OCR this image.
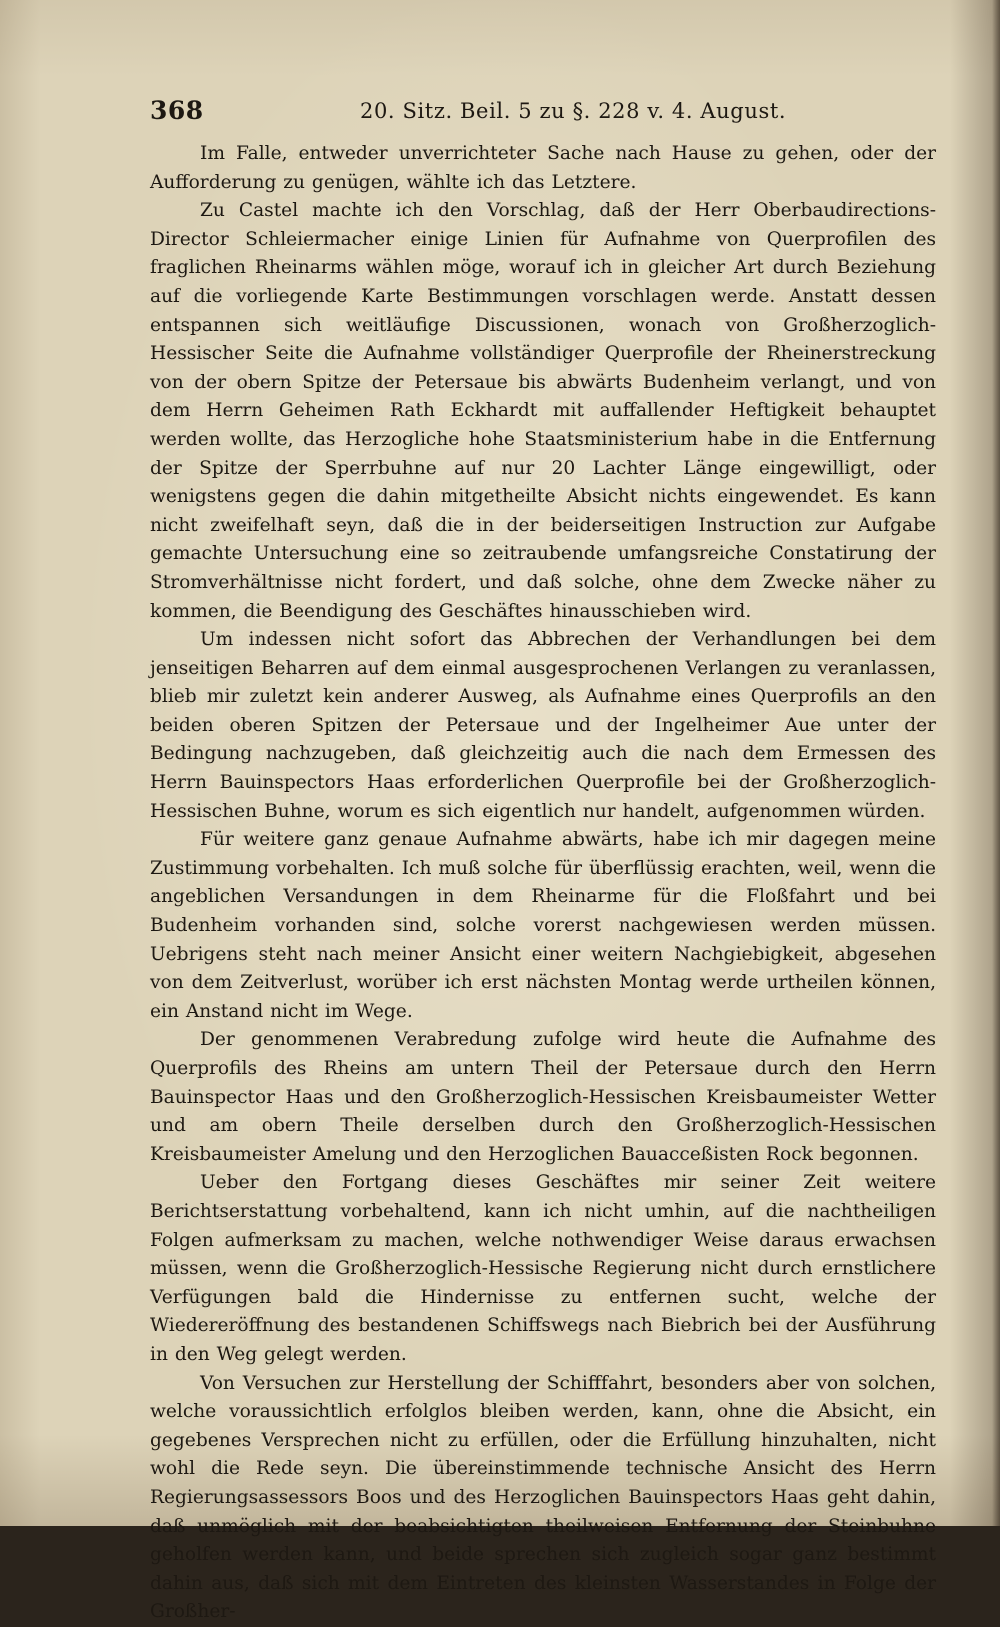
368	20. Sitz. Beil. 5 zu §. 228 v. 4. August.

Im Falle, entweder unverrichteter Sache nach Hause zu gehen, oder der Aufforderung zu genügen, wählte ich das Letztere.

Zu Castel machte ich den Vorschlag, daß der Herr Oberbaudirections-Director Schleiermacher einige Linien für Aufnahme von Querprofilen des fraglichen Rheinarms wählen möge, worauf ich in gleicher Art durch Beziehung auf die vorliegende Karte Bestimmungen vorschlagen werde. Anstatt dessen entspannen sich weitläufige Discussionen, wonach von Großherzoglich-Hessischer Seite die Aufnahme vollständiger Querprofile der Rheinerstreckung von der obern Spitze der Petersaue bis abwärts Budenheim verlangt, und von dem Herrn Geheimen Rath Eckhardt mit auffallender Heftigkeit behauptet werden wollte, das Herzogliche hohe Staatsministerium habe in die Entfernung der Spitze der Sperrbuhne auf nur 20 Lachter Länge eingewilligt, oder wenigstens gegen die dahin mitgetheilte Absicht nichts eingewendet. Es kann nicht zweifelhaft seyn, daß die in der beiderseitigen Instruction zur Aufgabe gemachte Untersuchung eine so zeitraubende umfangsreiche Constatirung der Stromverhältnisse nicht fordert, und daß solche, ohne dem Zwecke näher zu kommen, die Beendigung des Geschäftes hinausschieben wird.

Um indessen nicht sofort das Abbrechen der Verhandlungen bei dem jenseitigen Beharren auf dem einmal ausgesprochenen Verlangen zu veranlassen, blieb mir zuletzt kein anderer Ausweg, als Aufnahme eines Querprofils an den beiden oberen Spitzen der Petersaue und der Ingelheimer Aue unter der Bedingung nachzugeben, daß gleichzeitig auch die nach dem Ermessen des Herrn Bauinspectors Haas erforderlichen Querprofile bei der Großherzoglich-Hessischen Buhne, worum es sich eigentlich nur handelt, aufgenommen würden.

Für weitere ganz genaue Aufnahme abwärts, habe ich mir dagegen meine Zustimmung vorbehalten. Ich muß solche für überflüssig erachten, weil, wenn die angeblichen Versandungen in dem Rheinarme für die Floßfahrt und bei Budenheim vorhanden sind, solche vorerst nachgewiesen werden müssen. Uebrigens steht nach meiner Ansicht einer weitern Nachgiebigkeit, abgesehen von dem Zeitverlust, worüber ich erst nächsten Montag werde urtheilen können, ein Anstand nicht im Wege.

Der genommenen Verabredung zufolge wird heute die Aufnahme des Querprofils des Rheins am untern Theil der Petersaue durch den Herrn Bauinspector Haas und den Großherzoglich-Hessischen Kreisbaumeister Wetter und am obern Theile derselben durch den Großherzoglich-Hessischen Kreisbaumeister Amelung und den Herzoglichen Bauacceßisten Rock begonnen.

Ueber den Fortgang dieses Geschäftes mir seiner Zeit weitere Berichtserstattung vorbehaltend, kann ich nicht umhin, auf die nachtheiligen Folgen aufmerksam zu machen, welche nothwendiger Weise daraus erwachsen müssen, wenn die Großherzoglich-Hessische Regierung nicht durch ernstlichere Verfügungen bald die Hindernisse zu entfernen sucht, welche der Wiedereröffnung des bestandenen Schiffswegs nach Biebrich bei der Ausführung in den Weg gelegt werden.

Von Versuchen zur Herstellung der Schifffahrt, besonders aber von solchen, welche voraussichtlich erfolglos bleiben werden, kann, ohne die Absicht, ein gegebenes Versprechen nicht zu erfüllen, oder die Erfüllung hinzuhalten, nicht wohl die Rede seyn. Die übereinstimmende technische Ansicht des Herrn Regierungsassessors Boos und des Herzoglichen Bauinspectors Haas geht dahin, daß unmöglich mit der beabsichtigten theilweisen Entfernung der Steinbuhne geholfen werden kann, und beide sprechen sich zugleich sogar ganz bestimmt dahin aus, daß sich mit dem Eintreten des kleinsten Wasserstandes in Folge der Großher-
